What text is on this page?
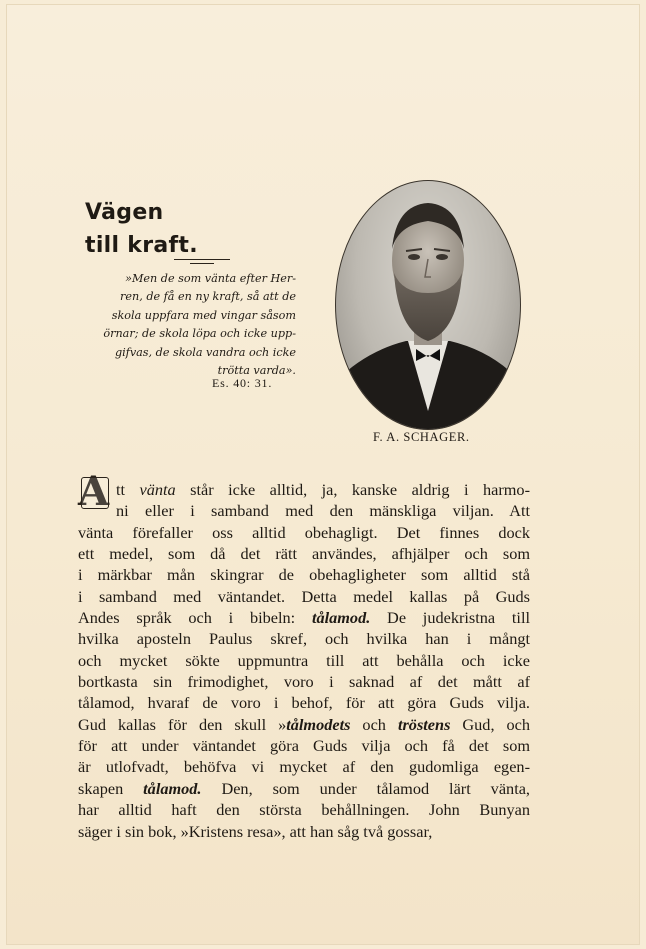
Vägen
till kraft.

»Men de som vänta efter Her-
ren, de få en ny kraft, så att de
skola uppfara med vingar såsom
örnar; de skola löpa och icke upp-
gifvas, de skola vandra och icke
trötta varda».

Es. 40: 31.
F. A. SCHAGER.
A tt vänta står icke alltid, ja, kanske aldrig i harmo-
ni eller i samband med den mänskliga viljan. Att
vänta förefaller oss alltid obehagligt. Det finnes dock
ett medel, som då det rätt användes, afhjälper och som
i märkbar mån skingrar de obehagligheter som alltid stå
i samband med väntandet. Detta medel kallas på Guds
Andes språk och i bibeln: tålamod. De judekristna till
hvilka aposteln Paulus skref, och hvilka han i mångt
och mycket sökte uppmuntra till att behålla och icke
bortkasta sin frimodighet, voro i saknad af det mått af
tålamod, hvaraf de voro i behof, för att göra Guds vilja.
Gud kallas för den skull »tålmodets och tröstens Gud, och
för att under väntandet göra Guds vilja och få det som
är utlofvadt, behöfva vi mycket af den gudomliga egen-
skapen tålamod. Den, som under tålamod lärt vänta,
har alltid haft den största behållningen. John Bunyan
säger i sin bok, »Kristens resa», att han såg två gossar,
